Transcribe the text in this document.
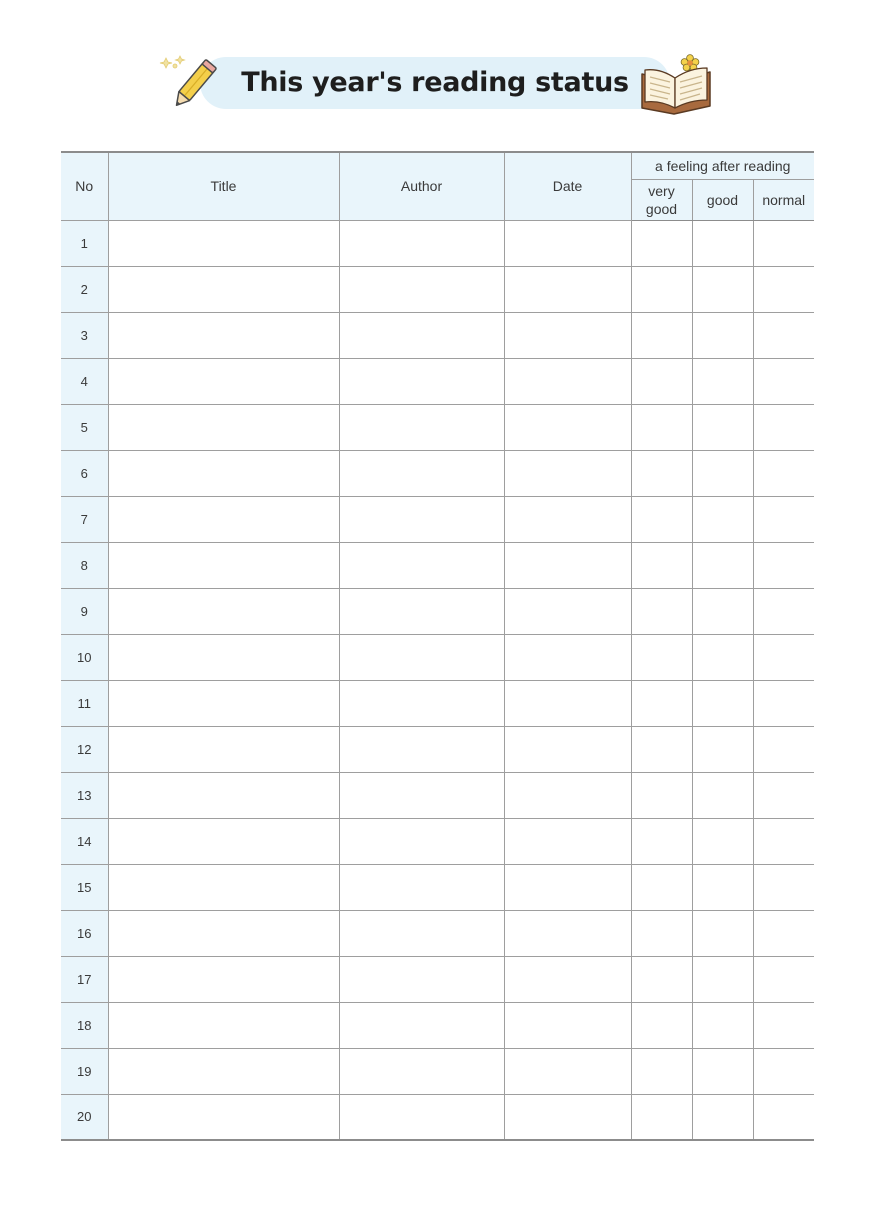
This year's reading status
No	Title	Author	Date	a feeling after reading		

				very good	good	normal
1						
2						
3						
4						
5						
6						
7						
8						
9						
10						
11						
12						
13						
14						
15						
16						
17						
18						
19						
20						
